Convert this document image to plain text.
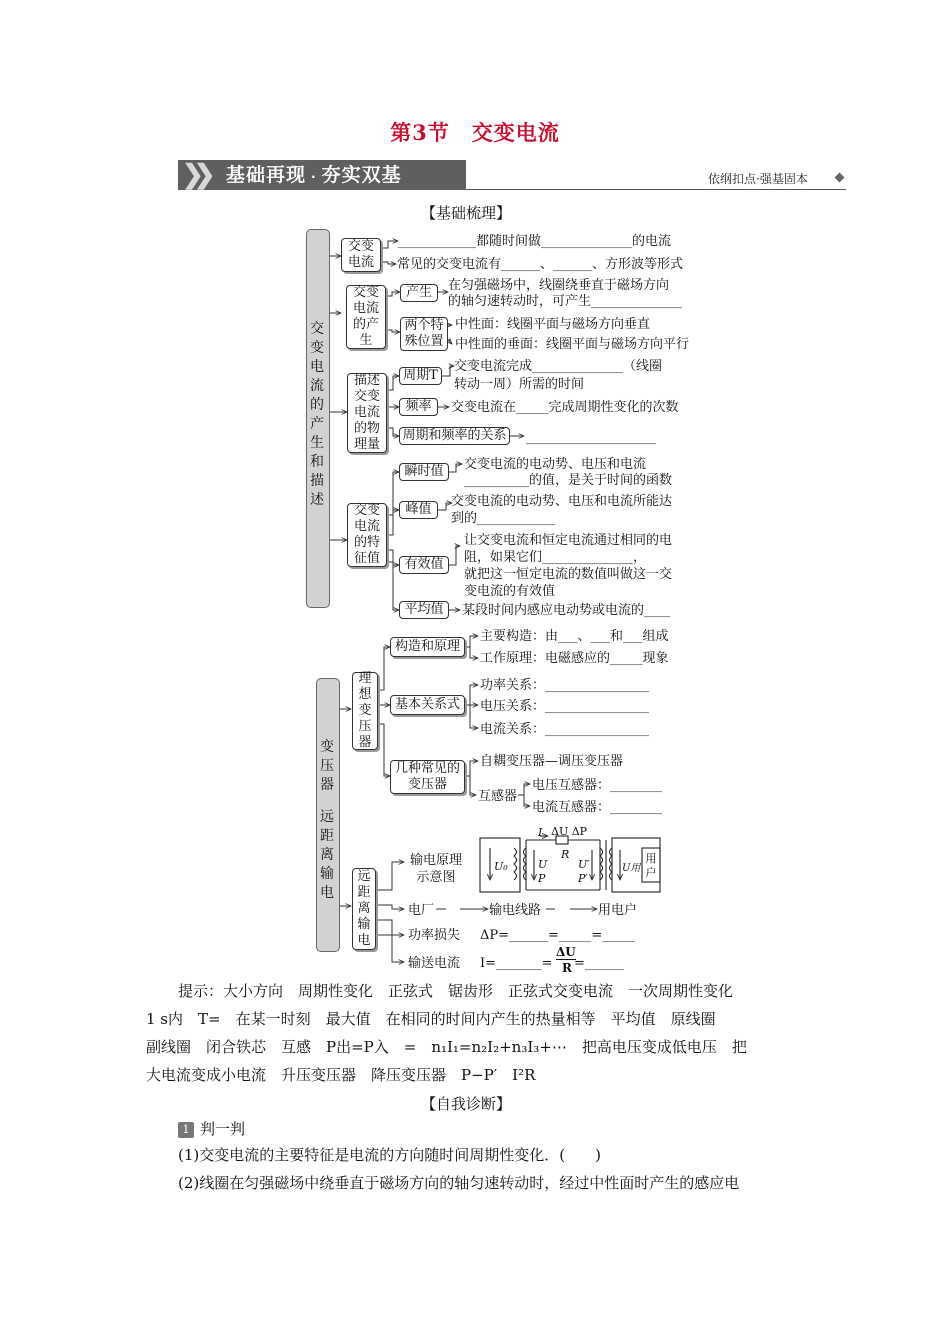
第3节　交变电流
❯❯	基础再现 · 夯实双基	依纲扣点·强基固本
【基础梳理】
交变电流的产生和描述
变压器
远距离输电
交变电流
____________都随时间做______________的电流
常见的交变电流有______、______、方形波等形式
交变电流的产生
产生	在匀强磁场中，线圈绕垂直于磁场方向
的轴匀速转动时，可产生______________
两个特殊位置
中性面：线圈平面与磁场方向垂直
中性面的垂面：线圈平面与磁场方向平行
描述交变电流的物理量
周期T
交变电流完成______________（线圈
转动一周）所需的时间
频率	交变电流在_____完成周期性变化的次数
周期和频率的关系 ____________________
交变电流的特征值
瞬时值	交变电流的电动势、电压和电流
__________的值，是关于时间的函数
峰值
交变电流的电动势、电压和电流所能达
到的____________
有效值
让交变电流和恒定电流通过相同的电
阻，如果它们______________，
就把这一恒定电流的数值叫做这一交
变电流的有效值
平均值	某段时间内感应电动势或电流的____
理想变压器
构造和原理
主要构造：由___、___和___组成
工作原理：电磁感应的_____现象
基本关系式
功率关系：________________
电压关系：________________
电流关系：________________
几种常见的变压器
自耦变压器—调压变压器
互感器
电压互感器：________
电流互感器：________
远距离输电
输电原理示意图
电厂	输电线路	用电户
功率损失 ΔP=______=_____=_____
输送电流 I=_______=
ΔU
R =______
I ΔU ΔP
R
U₀	U
P
U′
P′
U用
用户
提示：大小方向　周期性变化　正弦式　锯齿形　正弦式交变电流　一次周期性变化
1 s内　T=　在某一时刻　最大值　在相同的时间内产生的热量相等　平均值　原线圈
副线圈　闭合铁芯　互感　P出=P入　=　n₁I₁=n₂I₂+n₃I₃+⋯　把高电压变成低电压　把
大电流变成小电流　升压变压器　降压变压器　P−P′　I²R
【自我诊断】
1 判一判
(1)交变电流的主要特征是电流的方向随时间周期性变化．(　　)
(2)线圈在匀强磁场中绕垂直于磁场方向的轴匀速转动时，经过中性面时产生的感应电
